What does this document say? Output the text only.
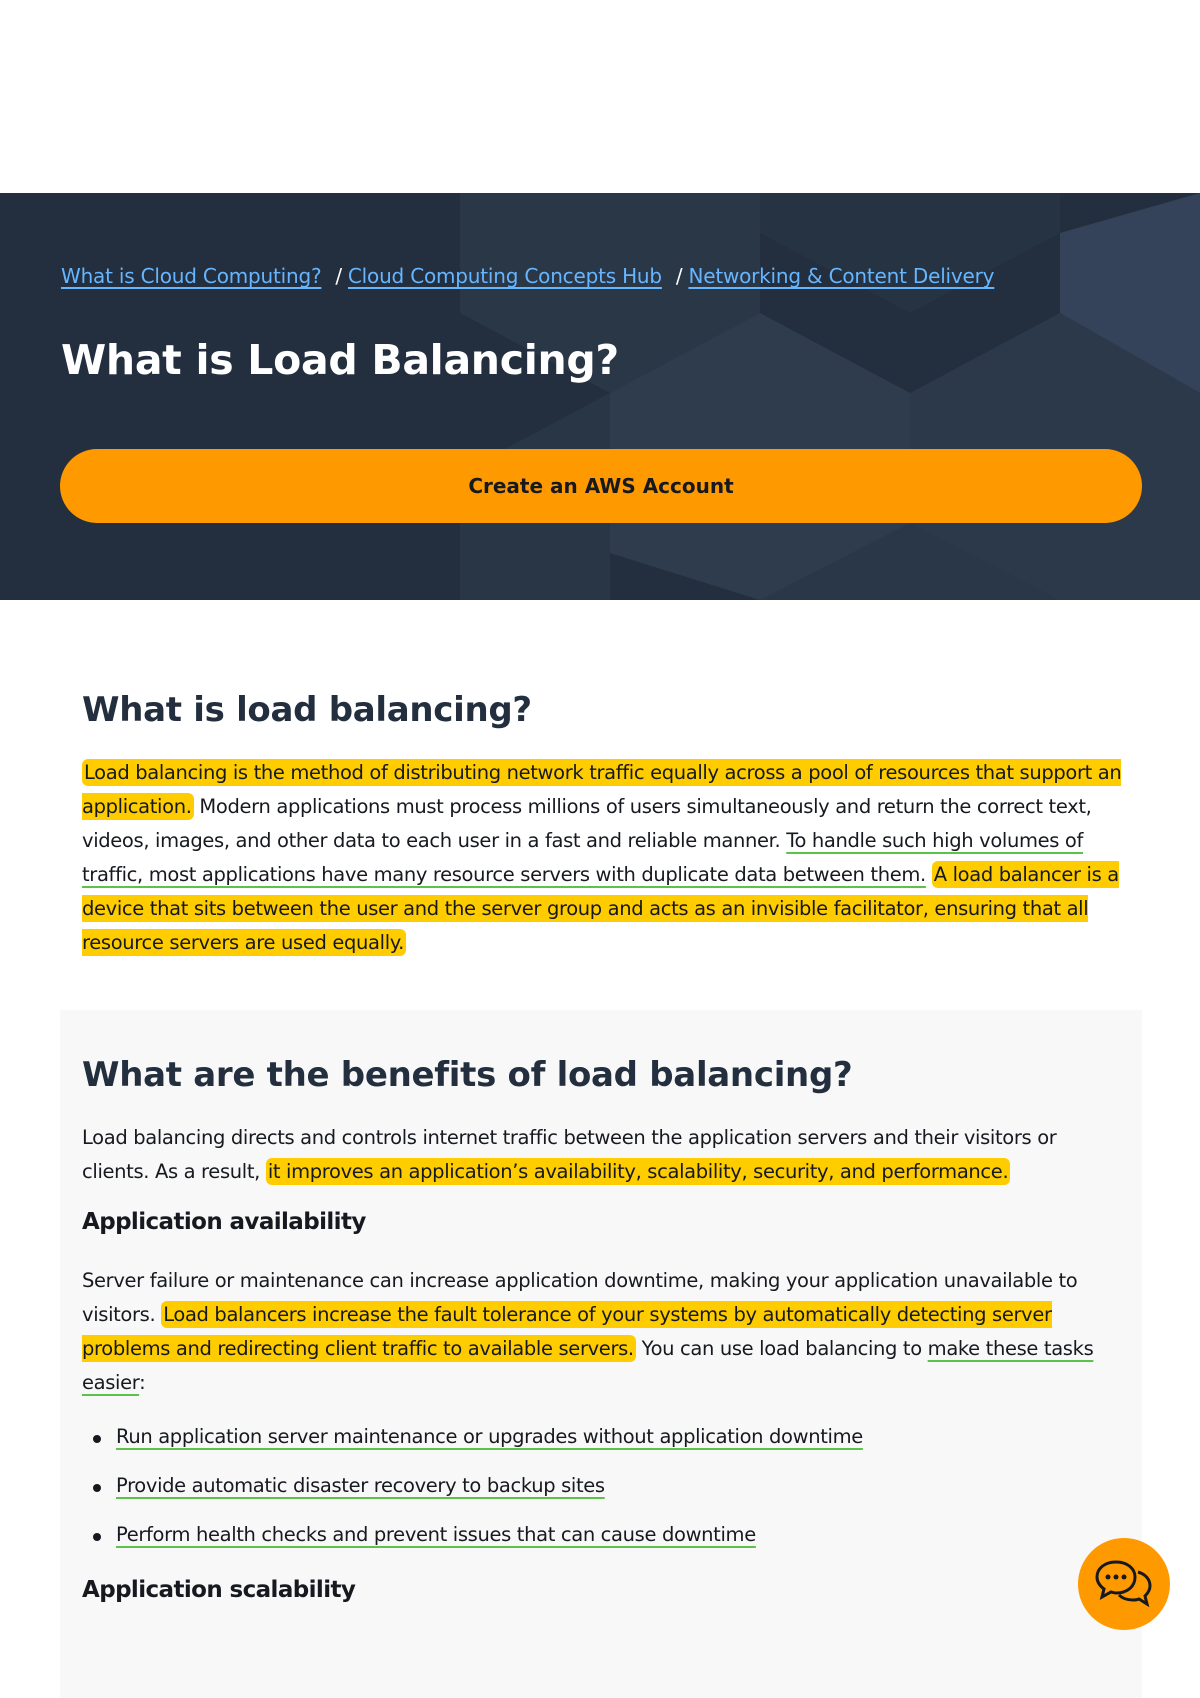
What is Cloud Computing? / Cloud Computing Concepts Hub / Networking & Content Delivery
What is Load Balancing?
Create an AWS Account
What is load balancing?

Load balancing is the method of distributing network traffic equally across a pool of resources that support an application. Modern applications must process millions of users simultaneously and return the correct text, videos, images, and other data to each user in a fast and reliable manner. To handle such high volumes of traffic, most applications have many resource servers with duplicate data between them. A load balancer is a device that sits between the user and the server group and acts as an invisible facilitator, ensuring that all resource servers are used equally.

What are the benefits of load balancing?

Load balancing directs and controls internet traffic between the application servers and their visitors or clients. As a result, it improves an application’s availability, scalability, security, and performance.

Application availability

Server failure or maintenance can increase application downtime, making your application unavailable to visitors. Load balancers increase the fault tolerance of your systems by automatically detecting server problems and redirecting client traffic to available servers. You can use load balancing to make these tasks easier:

Run application server maintenance or upgrades without application downtime
Provide automatic disaster recovery to backup sites
Perform health checks and prevent issues that can cause downtime
Application scalability
